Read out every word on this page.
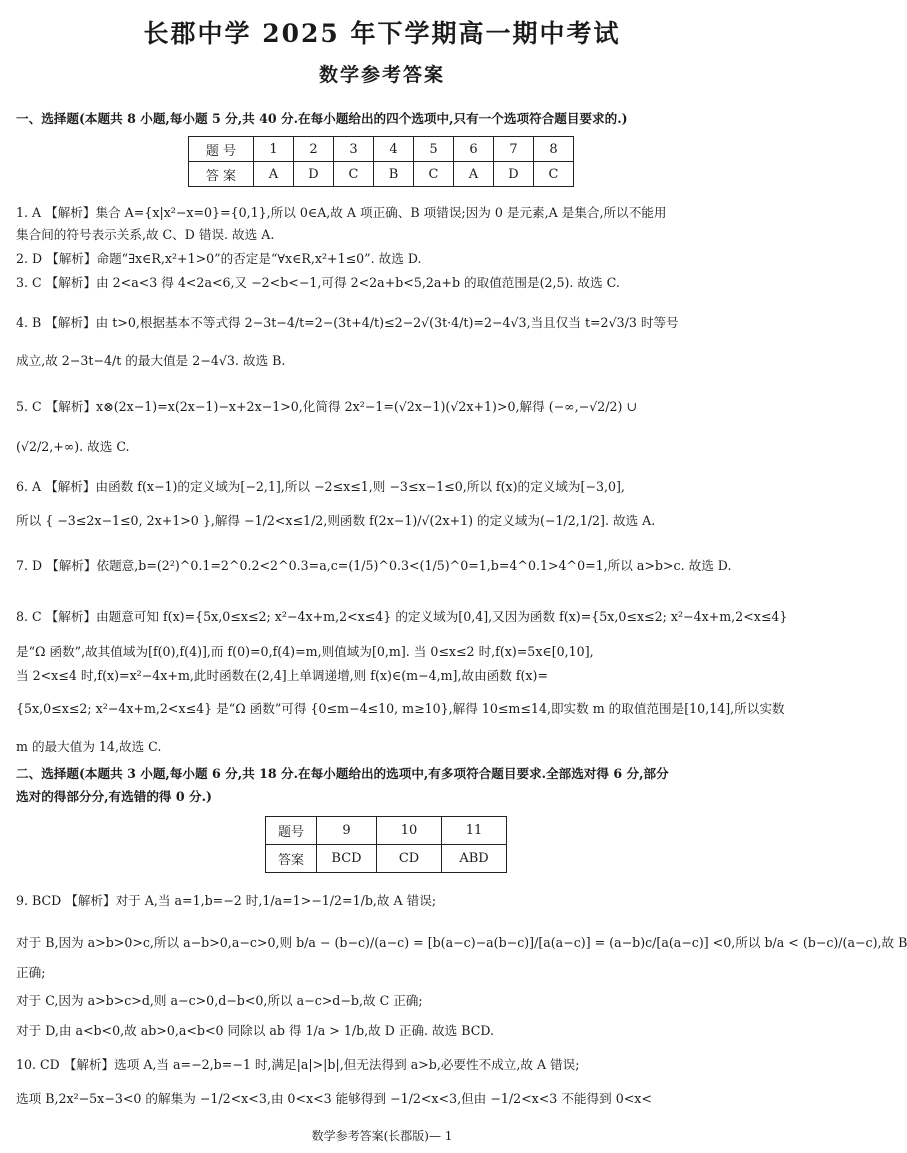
长郡中学 2025 年下学期高一期中考试
数学参考答案
一、选择题(本题共 8 小题,每小题 5 分,共 40 分.在每小题给出的四个选项中,只有一个选项符合题目要求的.)
题 号	1	2	3	4	5	6	7	8
答 案	A	D	C	B	C	A	D	C
1. A 【解析】集合 A={x|x²−x=0}={0,1},所以 0∈A,故 A 项正确、B 项错误;因为 0 是元素,A 是集合,所以不能用
集合间的符号表示关系,故 C、D 错误. 故选 A.
2. D 【解析】命题“∃x∈R,x²+1>0”的否定是“∀x∈R,x²+1≤0”. 故选 D.
3. C 【解析】由 2<a<3 得 4<2a<6,又 −2<b<−1,可得 2<2a+b<5,2a+b 的取值范围是(2,5). 故选 C.
4. B 【解析】由 t>0,根据基本不等式得 2−3t−4/t=2−(3t+4/t)≤2−2√(3t·4/t)=2−4√3,当且仅当 t=2√3/3 时等号
成立,故 2−3t−4/t 的最大值是 2−4√3. 故选 B.
5. C 【解析】x⊗(2x−1)=x(2x−1)−x+2x−1>0,化简得 2x²−1=(√2x−1)(√2x+1)>0,解得 (−∞,−√2/2) ∪
(√2/2,+∞). 故选 C.
6. A 【解析】由函数 f(x−1)的定义域为[−2,1],所以 −2≤x≤1,则 −3≤x−1≤0,所以 f(x)的定义域为[−3,0],
所以 { −3≤2x−1≤0, 2x+1>0 },解得 −1/2<x≤1/2,则函数 f(2x−1)/√(2x+1) 的定义域为(−1/2,1/2]. 故选 A.
7. D 【解析】依题意,b=(2²)^0.1=2^0.2<2^0.3=a,c=(1/5)^0.3<(1/5)^0=1,b=4^0.1>4^0=1,所以 a>b>c. 故选 D.
8. C 【解析】由题意可知 f(x)={5x,0≤x≤2; x²−4x+m,2<x≤4} 的定义域为[0,4],又因为函数 f(x)={5x,0≤x≤2; x²−4x+m,2<x≤4}
是“Ω 函数”,故其值域为[f(0),f(4)],而 f(0)=0,f(4)=m,则值域为[0,m]. 当 0≤x≤2 时,f(x)=5x∈[0,10],
当 2<x≤4 时,f(x)=x²−4x+m,此时函数在(2,4]上单调递增,则 f(x)∈(m−4,m],故由函数 f(x)=
{5x,0≤x≤2; x²−4x+m,2<x≤4} 是“Ω 函数”可得 {0≤m−4≤10, m≥10},解得 10≤m≤14,即实数 m 的取值范围是[10,14],所以实数
m 的最大值为 14,故选 C.
二、选择题(本题共 3 小题,每小题 6 分,共 18 分.在每小题给出的选项中,有多项符合题目要求.全部选对得 6 分,部分
选对的得部分分,有选错的得 0 分.)
题号	9	10	11
答案	BCD	CD	ABD
9. BCD 【解析】对于 A,当 a=1,b=−2 时,1/a=1>−1/2=1/b,故 A 错误;
对于 B,因为 a>b>0>c,所以 a−b>0,a−c>0,则 b/a − (b−c)/(a−c) = [b(a−c)−a(b−c)]/[a(a−c)] = (a−b)c/[a(a−c)] <0,所以 b/a < (b−c)/(a−c),故 B
正确;
对于 C,因为 a>b>c>d,则 a−c>0,d−b<0,所以 a−c>d−b,故 C 正确;
对于 D,由 a<b<0,故 ab>0,a<b<0 同除以 ab 得 1/a > 1/b,故 D 正确. 故选 BCD.
10. CD 【解析】选项 A,当 a=−2,b=−1 时,满足|a|>|b|,但无法得到 a>b,必要性不成立,故 A 错误;
选项 B,2x²−5x−3<0 的解集为 −1/2<x<3,由 0<x<3 能够得到 −1/2<x<3,但由 −1/2<x<3 不能得到 0<x<
数学参考答案(长郡版)— 1
